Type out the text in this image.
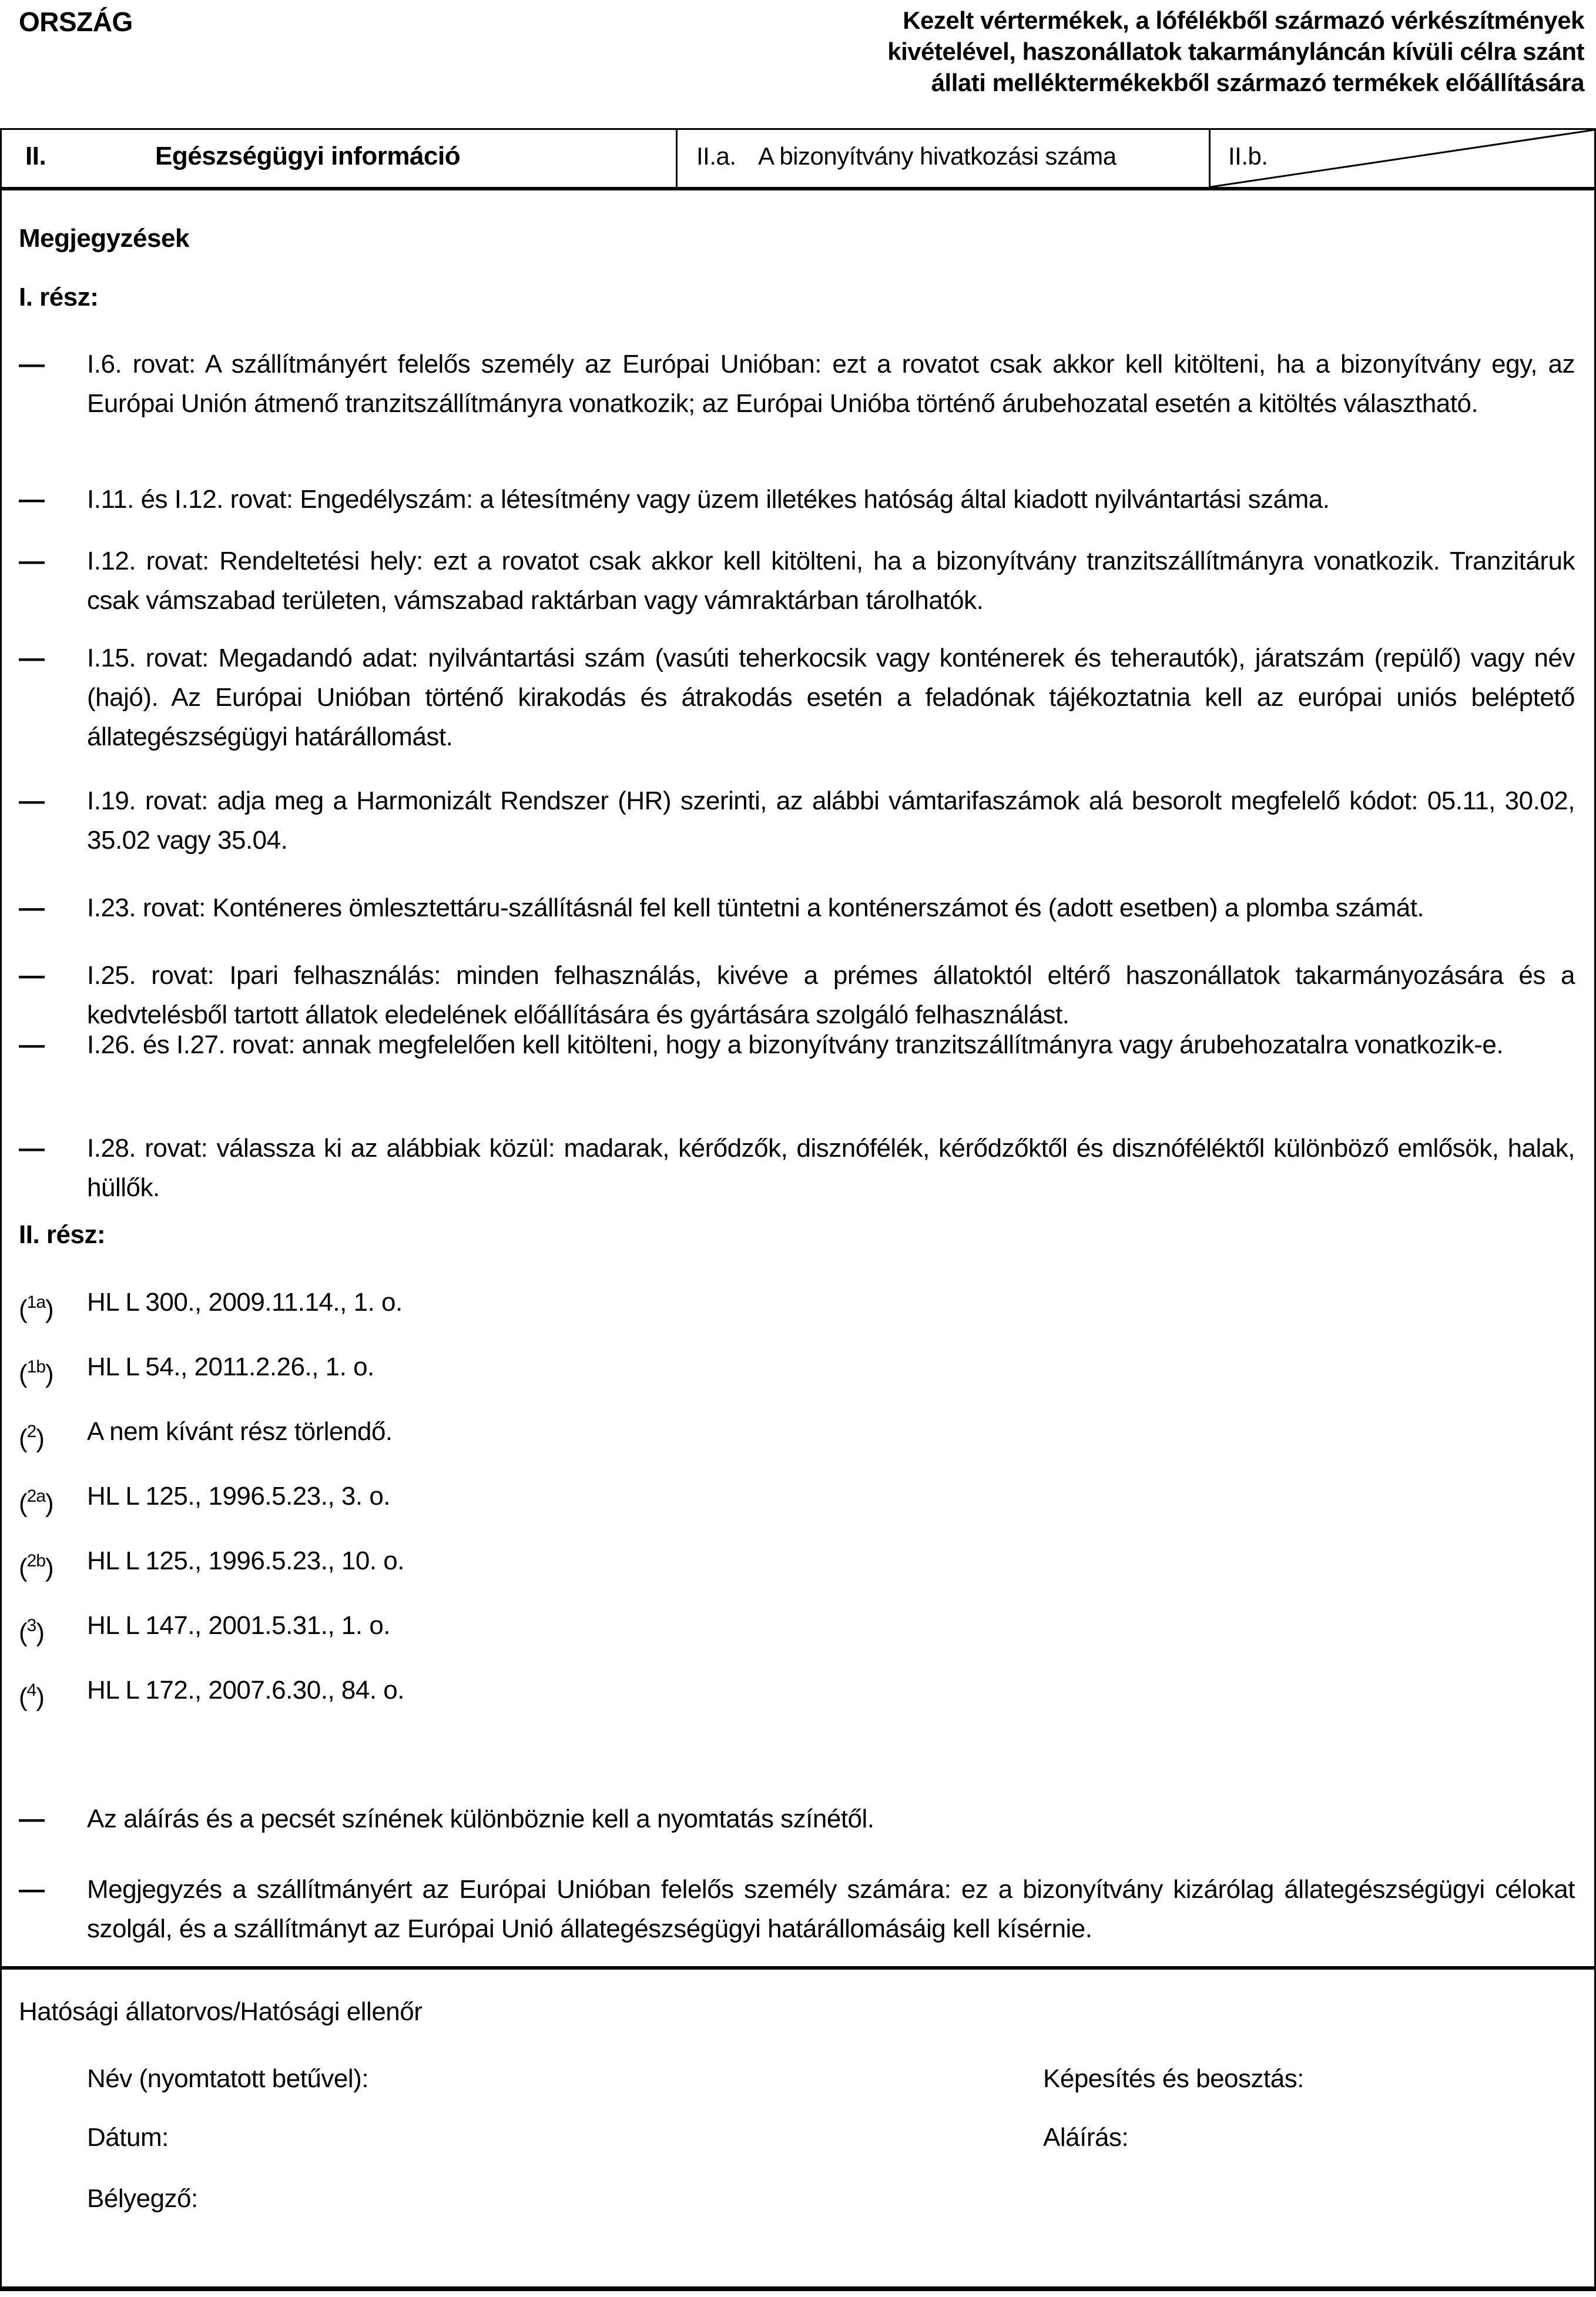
ORSZÁG	Kezelt vértermékek, a lófélékből származó vérkészítmények kivételével, haszonállatok takarmányláncán kívüli célra szánt állati melléktermékekből származó termékek előállítására
II.	Egészségügyi információ	II.a. A bizonyítvány hivatkozási száma	II.b.
Megjegyzések
I. rész:
— I.6. rovat: A szállítmányért felelős személy az Európai Unióban: ezt a rovatot csak akkor kell kitölteni, ha a bizonyítvány egy, az Európai Unión átmenő tranzitszállítmányra vonatkozik; az Európai Unióba történő árubehozatal esetén a kitöltés választható.
— I.11. és I.12. rovat: Engedélyszám: a létesítmény vagy üzem illetékes hatóság által kiadott nyilvántartási száma.
— I.12. rovat: Rendeltetési hely: ezt a rovatot csak akkor kell kitölteni, ha a bizonyítvány tranzitszállítmányra vonatkozik. Tranzitáruk csak vámszabad területen, vámszabad raktárban vagy vámraktárban tárolhatók.
— I.15. rovat: Megadandó adat: nyilvántartási szám (vasúti teherkocsik vagy konténerek és teherautók), járatszám (repülő) vagy név (hajó). Az Európai Unióban történő kirakodás és átrakodás esetén a feladónak tájékoztatnia kell az európai uniós beléptető állategészségügyi határállomást.
— I.19. rovat: adja meg a Harmonizált Rendszer (HR) szerinti, az alábbi vámtarifaszámok alá besorolt megfelelő kódot: 05.11, 30.02, 35.02 vagy 35.04.
— I.23. rovat: Konténeres ömlesztettáru-szállításnál fel kell tüntetni a konténerszámot és (adott esetben) a plomba számát.
— I.25. rovat: Ipari felhasználás: minden felhasználás, kivéve a prémes állatoktól eltérő haszonállatok takarmányozására és a kedvtelésből tartott állatok eledelének előállítására és gyártására szolgáló felhasználást.
— I.26. és I.27. rovat: annak megfelelően kell kitölteni, hogy a bizonyítvány tranzitszállítmányra vagy árubehozatalra vonatkozik-e.
— I.28. rovat: válassza ki az alábbiak közül: madarak, kérődzők, disznófélék, kérődzőktől és disznóféléktől különböző emlősök, halak, hüllők.
II. rész:
($^{1a}$) HL L 300., 2009.11.14., 1. o.
($^{1b}$) HL L 54., 2011.2.26., 1. o.
($^2$) A nem kívánt rész törlendő.
($^{2a}$) HL L 125., 1996.5.23., 3. o.
($^{2b}$) HL L 125., 1996.5.23., 10. o.
($^3$) HL L 147., 2001.5.31., 1. o.
($^4$) HL L 172., 2007.6.30., 84. o.
— Az aláírás és a pecsét színének különböznie kell a nyomtatás színétől.
— Megjegyzés a szállítmányért az Európai Unióban felelős személy számára: ez a bizonyítvány kizárólag állategészségügyi célokat szolgál, és a szállítmányt az Európai Unió állategészségügyi határállomásáig kell kísérnie.
Hatósági állatorvos/Hatósági ellenőr
Név (nyomtatott betűvel):	Képesítés és beosztás:
Dátum:	Aláírás:
Bélyegző:
